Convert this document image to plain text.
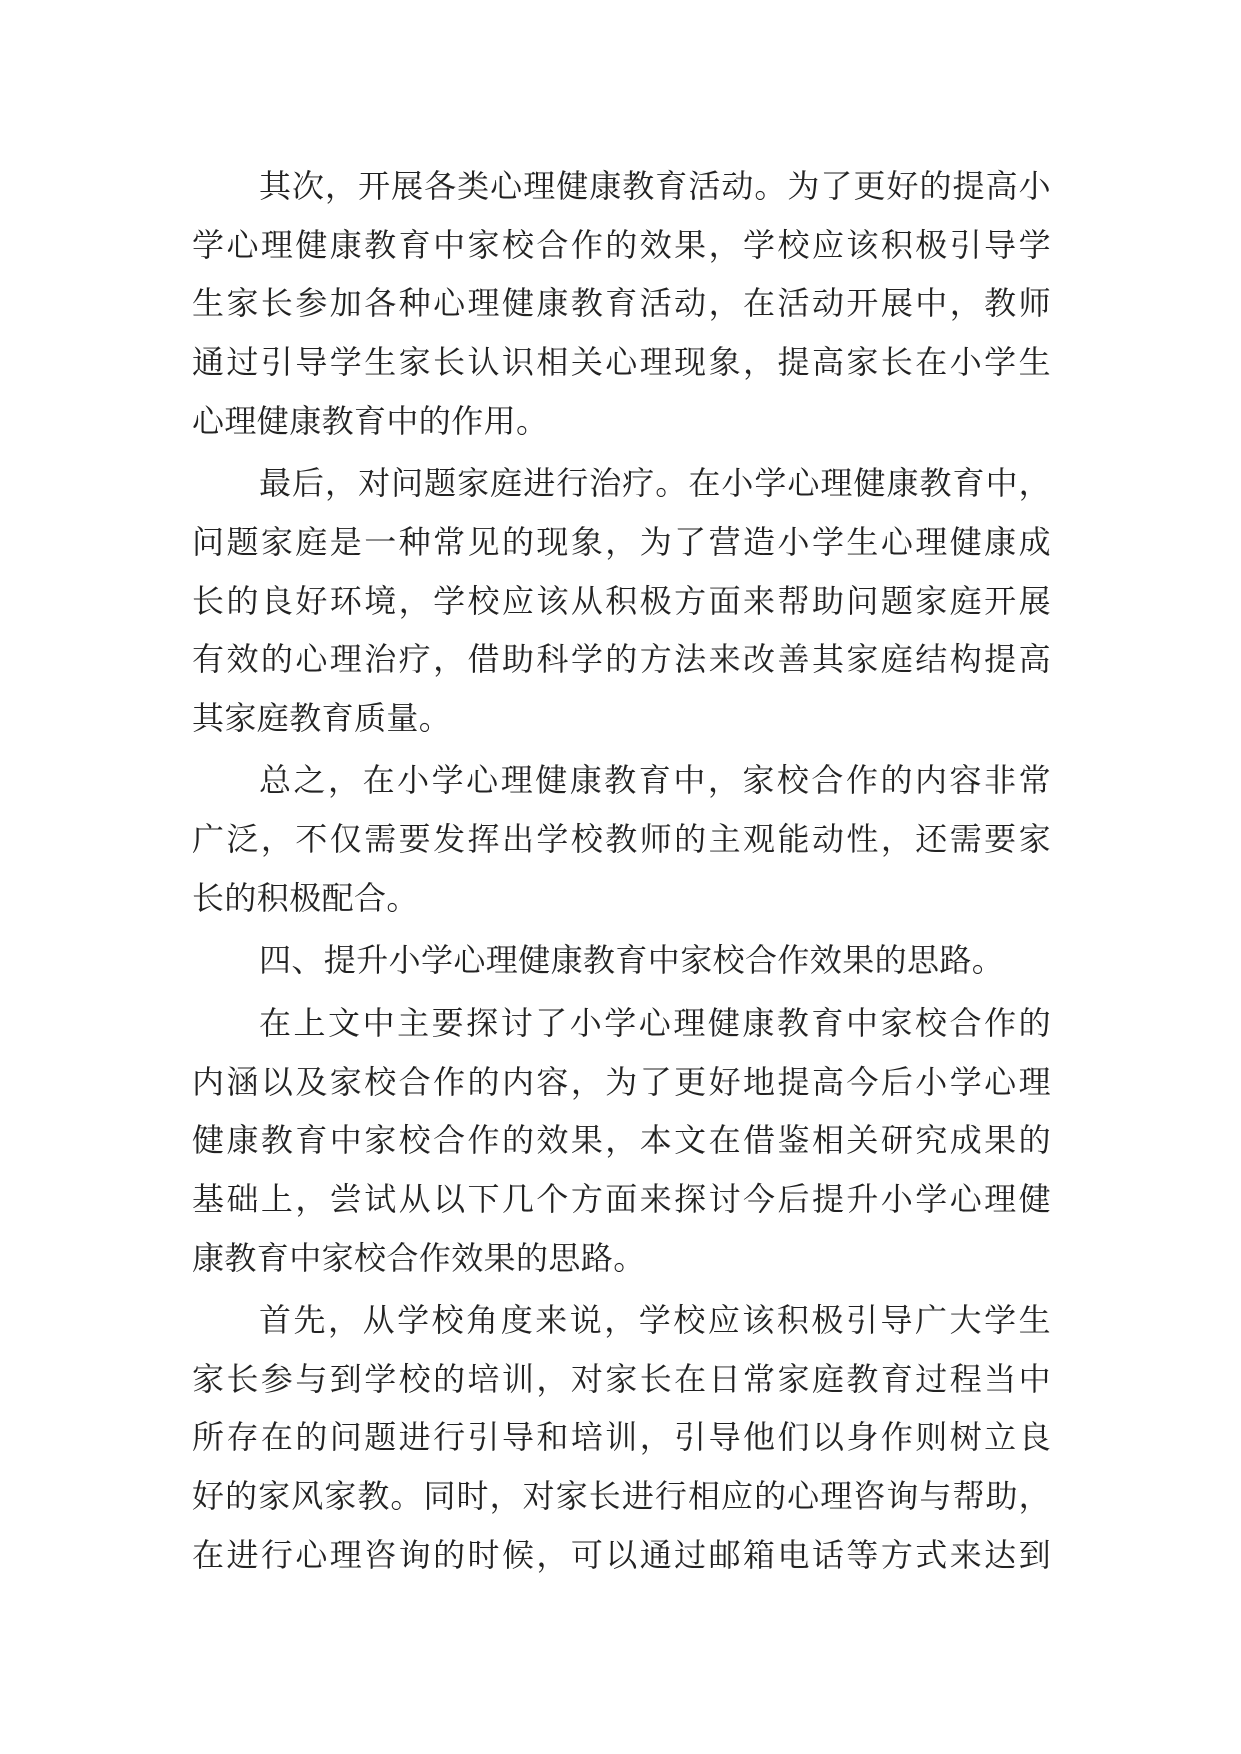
其次，开展各类心理健康教育活动。为了更好的提高小
学心理健康教育中家校合作的效果，学校应该积极引导学
生家长参加各种心理健康教育活动，在活动开展中，教师
通过引导学生家长认识相关心理现象，提高家长在小学生
心理健康教育中的作用。
最后，对问题家庭进行治疗。在小学心理健康教育中，
问题家庭是一种常见的现象，为了营造小学生心理健康成
长的良好环境，学校应该从积极方面来帮助问题家庭开展
有效的心理治疗，借助科学的方法来改善其家庭结构提高
其家庭教育质量。
总之，在小学心理健康教育中，家校合作的内容非常
广泛，不仅需要发挥出学校教师的主观能动性，还需要家
长的积极配合。
四、提升小学心理健康教育中家校合作效果的思路。
在上文中主要探讨了小学心理健康教育中家校合作的
内涵以及家校合作的内容，为了更好地提高今后小学心理
健康教育中家校合作的效果，本文在借鉴相关研究成果的
基础上，尝试从以下几个方面来探讨今后提升小学心理健
康教育中家校合作效果的思路。
首先，从学校角度来说，学校应该积极引导广大学生
家长参与到学校的培训，对家长在日常家庭教育过程当中
所存在的问题进行引导和培训，引导他们以身作则树立良
好的家风家教。同时，对家长进行相应的心理咨询与帮助，
在进行心理咨询的时候，可以通过邮箱电话等方式来达到
